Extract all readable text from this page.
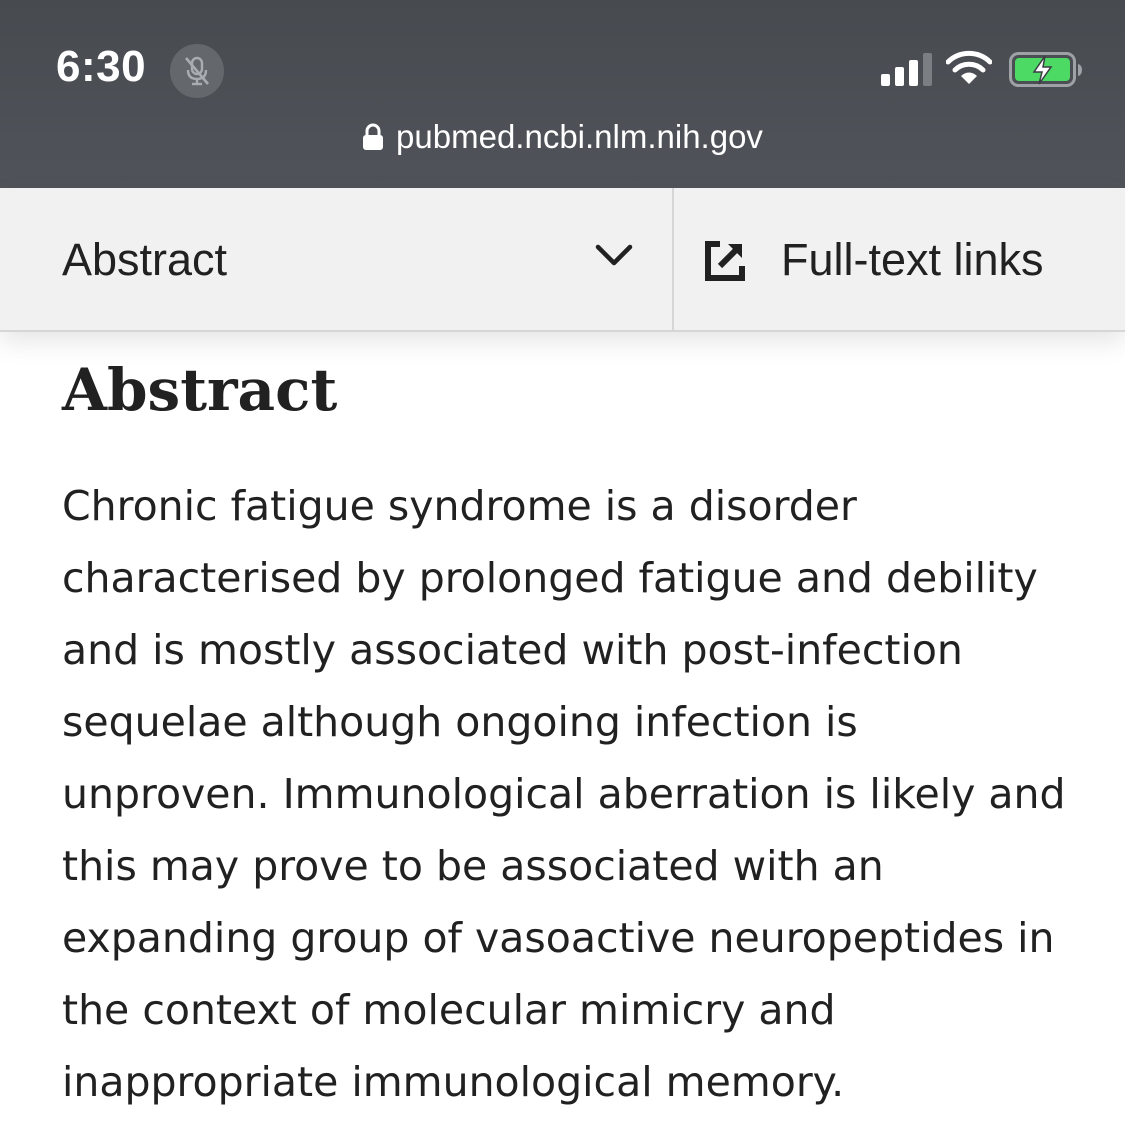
6:30
pubmed.ncbi.nlm.nih.gov
Abstract	Full-text links
Abstract

Chronic fatigue syndrome is a disorder characterised by prolonged fatigue and debility and is mostly associated with post-infection sequelae although ongoing infection is unproven. Immunological aberration is likely and this may prove to be associated with an expanding group of vasoactive neuropeptides in the context of molecular mimicry and inappropriate immunological memory.
